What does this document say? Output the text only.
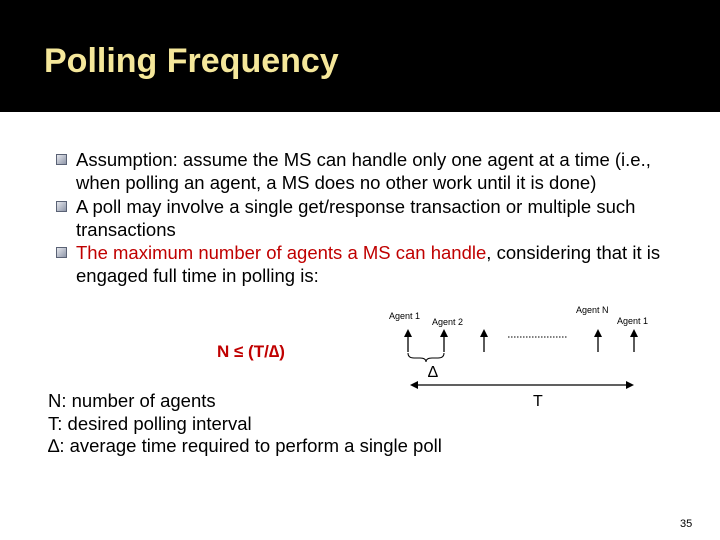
Polling Frequency
Assumption: assume the MS can handle only one agent at a time (i.e., when polling an agent, a MS does no other work until it is done)
A poll may involve a single get/response transaction or multiple such transactions
The maximum number of agents a MS can handle, considering that it is engaged full time in polling is:
N ≤ (T/∆)
N: number of agents
T: desired polling interval
∆: average time required to perform a single poll
Agent 1
Agent 2
Agent N
Agent 1
∆
T
35
